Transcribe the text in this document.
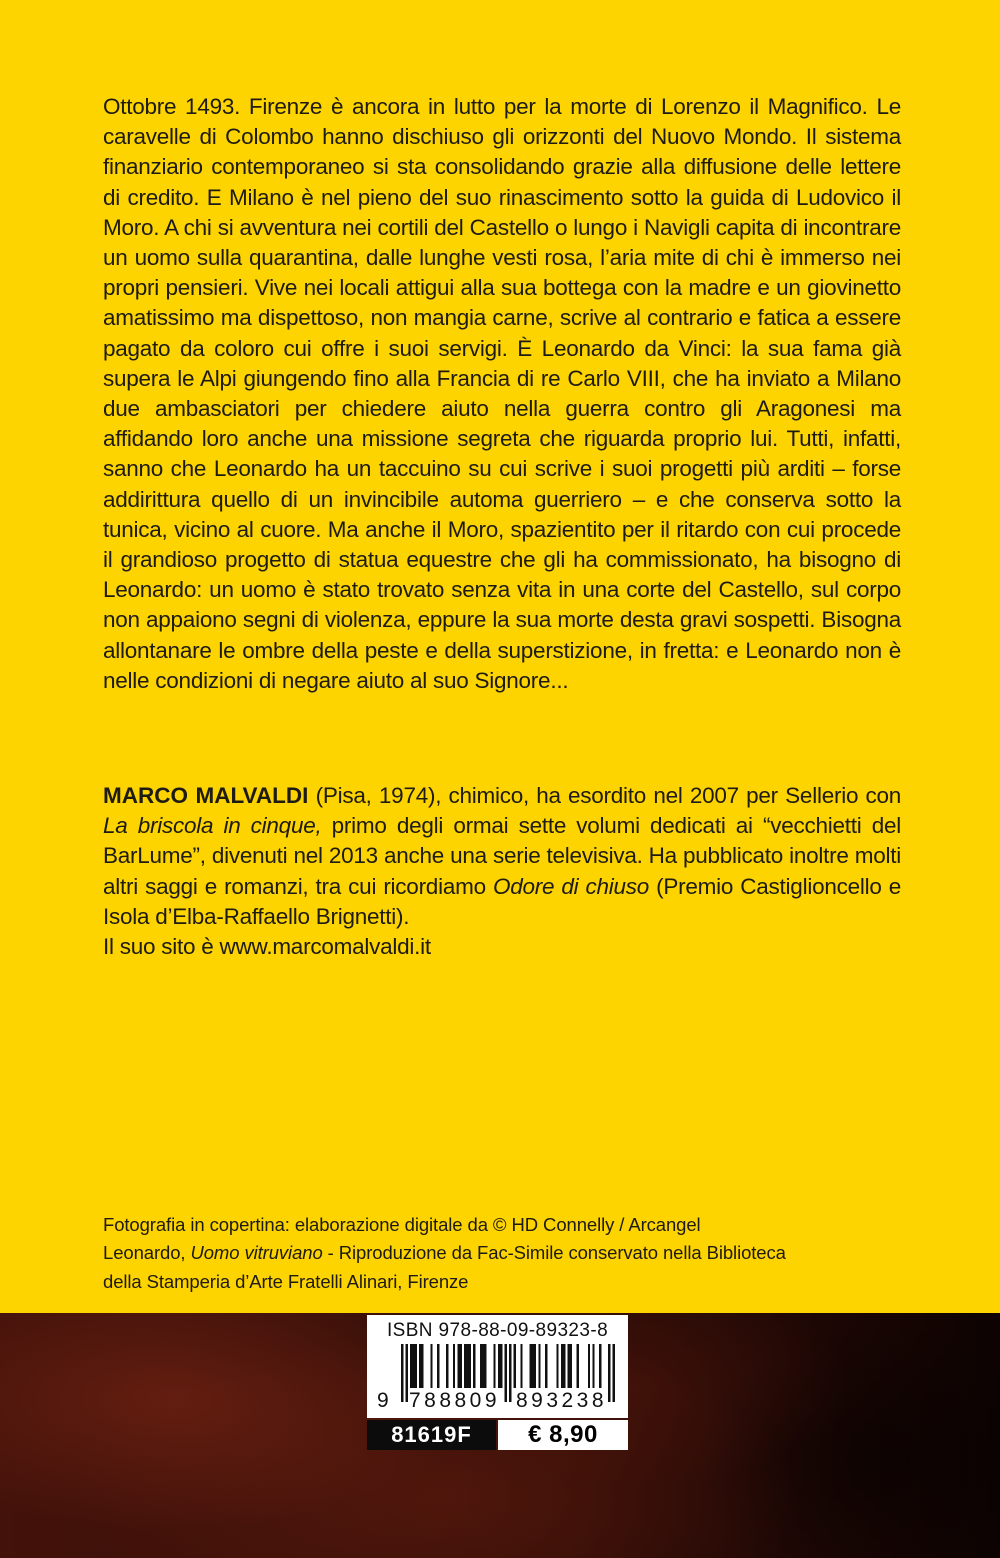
Ottobre 1493. Firenze è ancora in lutto per la morte di Lorenzo il Magnifico. Le caravelle di Colombo hanno dischiuso gli orizzonti del Nuovo Mondo. Il sistema finanziario contemporaneo si sta consolidando grazie alla diffusione delle lettere di credito. E Milano è nel pieno del suo rinascimento sotto la guida di Ludovico il Moro. A chi si avventura nei cortili del Castello o lungo i Navigli capita di incontrare un uomo sulla quarantina, dalle lunghe vesti rosa, l’aria mite di chi è immerso nei propri pensieri. Vive nei locali attigui alla sua bottega con la madre e un giovinetto amatissimo ma dispettoso, non mangia carne, scrive al contrario e fatica a essere pagato da coloro cui offre i suoi servigi. È Leonardo da Vinci: la sua fama già supera le Alpi giungendo fino alla Francia di re Carlo VIII, che ha inviato a Milano due ambasciatori per chiedere aiuto nella guerra contro gli Aragonesi ma affidando loro anche una missione segreta che riguarda proprio lui. Tutti, infatti, sanno che Leonardo ha un taccuino su cui scrive i suoi progetti più arditi – forse addirittura quello di un invincibile automa guerriero – e che conserva sotto la tunica, vicino al cuore. Ma anche il Moro, spazientito per il ritardo con cui procede il grandioso progetto di statua equestre che gli ha commissionato, ha bisogno di Leonardo: un uomo è stato trovato senza vita in una corte del Castello, sul corpo non appaiono segni di violenza, eppure la sua morte desta gravi sospetti. Bisogna allontanare le ombre della peste e della superstizione, in fretta: e Leonardo non è nelle condizioni di negare aiuto al suo Signore...

MARCO MALVALDI (Pisa, 1974), chimico, ha esordito nel 2007 per Sellerio con La briscola in cinque, primo degli ormai sette volumi dedicati ai “vecchietti del BarLume”, divenuti nel 2013 anche una serie televisiva. Ha pubblicato inoltre molti altri saggi e romanzi, tra cui ricordiamo Odore di chiuso (Premio Castiglioncello e Isola d’Elba-Raffaello Brignetti).
Il suo sito è www.marcomalvaldi.it

Fotografia in copertina: elaborazione digitale da © HD Connelly / Arcangel
Leonardo, Uomo vitruviano - Riproduzione da Fac-Simile conservato nella Biblioteca
della Stamperia d’Arte Fratelli Alinari, Firenze
ISBN 978-88-09-89323-8
9 788809 893238
81619F	€ 8,90
